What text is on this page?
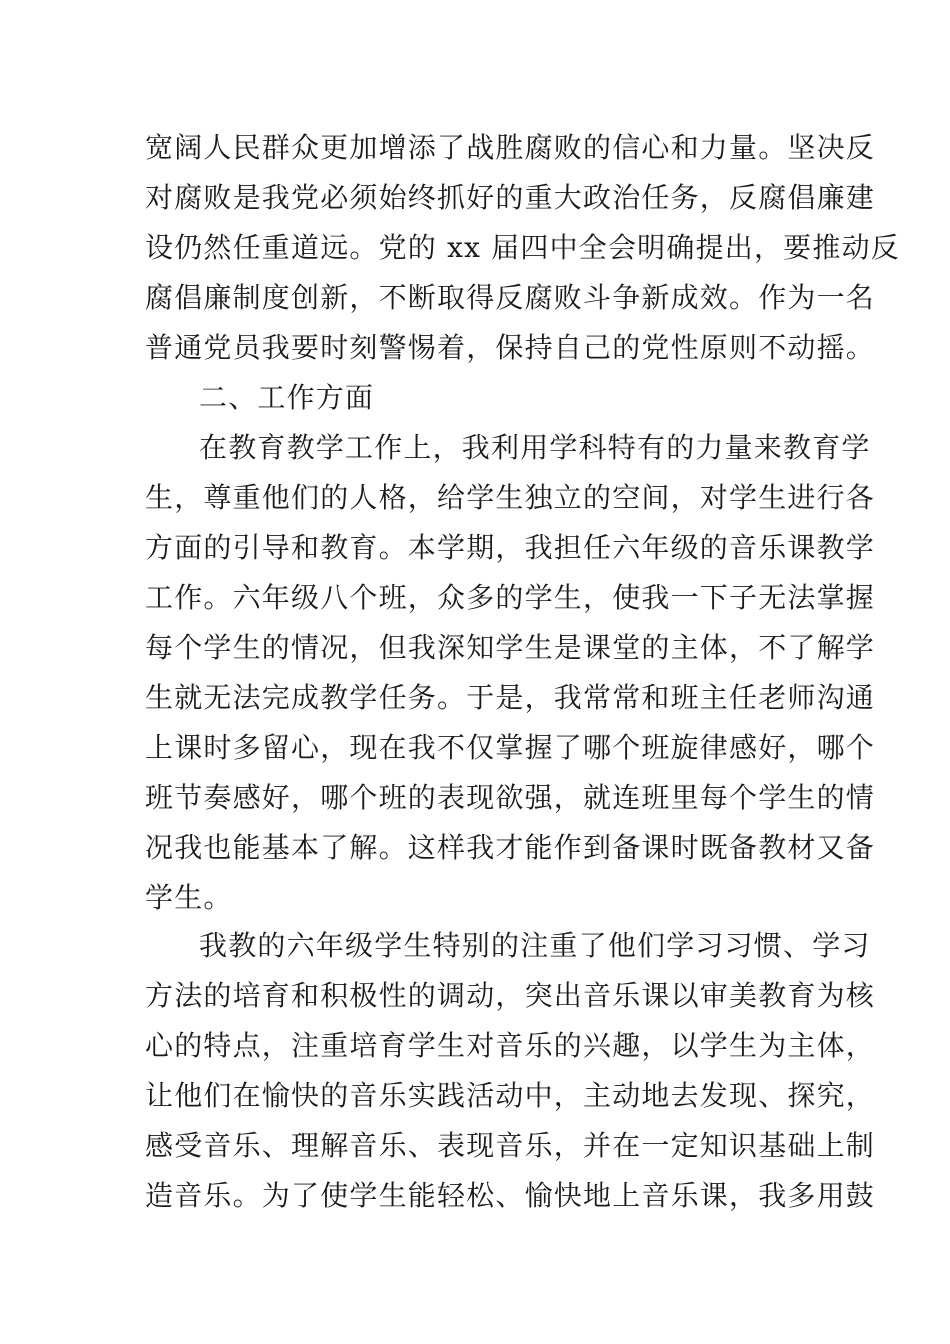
宽阔人民群众更加增添了战胜腐败的信心和力量。坚决反
对腐败是我党必须始终抓好的重大政治任务，反腐倡廉建
设仍然任重道远。党的 xx 届四中全会明确提出，要推动反
腐倡廉制度创新，不断取得反腐败斗争新成效。作为一名
普通党员我要时刻警惕着，保持自己的党性原则不动摇。
二、工作方面
在教育教学工作上，我利用学科特有的力量来教育学
生，尊重他们的人格，给学生独立的空间，对学生进行各
方面的引导和教育。本学期，我担任六年级的音乐课教学
工作。六年级八个班，众多的学生，使我一下子无法掌握
每个学生的情况，但我深知学生是课堂的主体，不了解学
生就无法完成教学任务。于是，我常常和班主任老师沟通
上课时多留心，现在我不仅掌握了哪个班旋律感好，哪个
班节奏感好，哪个班的表现欲强，就连班里每个学生的情
况我也能基本了解。这样我才能作到备课时既备教材又备
学生。
我教的六年级学生特别的注重了他们学习习惯、学习
方法的培育和积极性的调动，突出音乐课以审美教育为核
心的特点，注重培育学生对音乐的兴趣，以学生为主体，
让他们在愉快的音乐实践活动中，主动地去发现、探究，
感受音乐、理解音乐、表现音乐，并在一定知识基础上制
造音乐。为了使学生能轻松、愉快地上音乐课，我多用鼓
